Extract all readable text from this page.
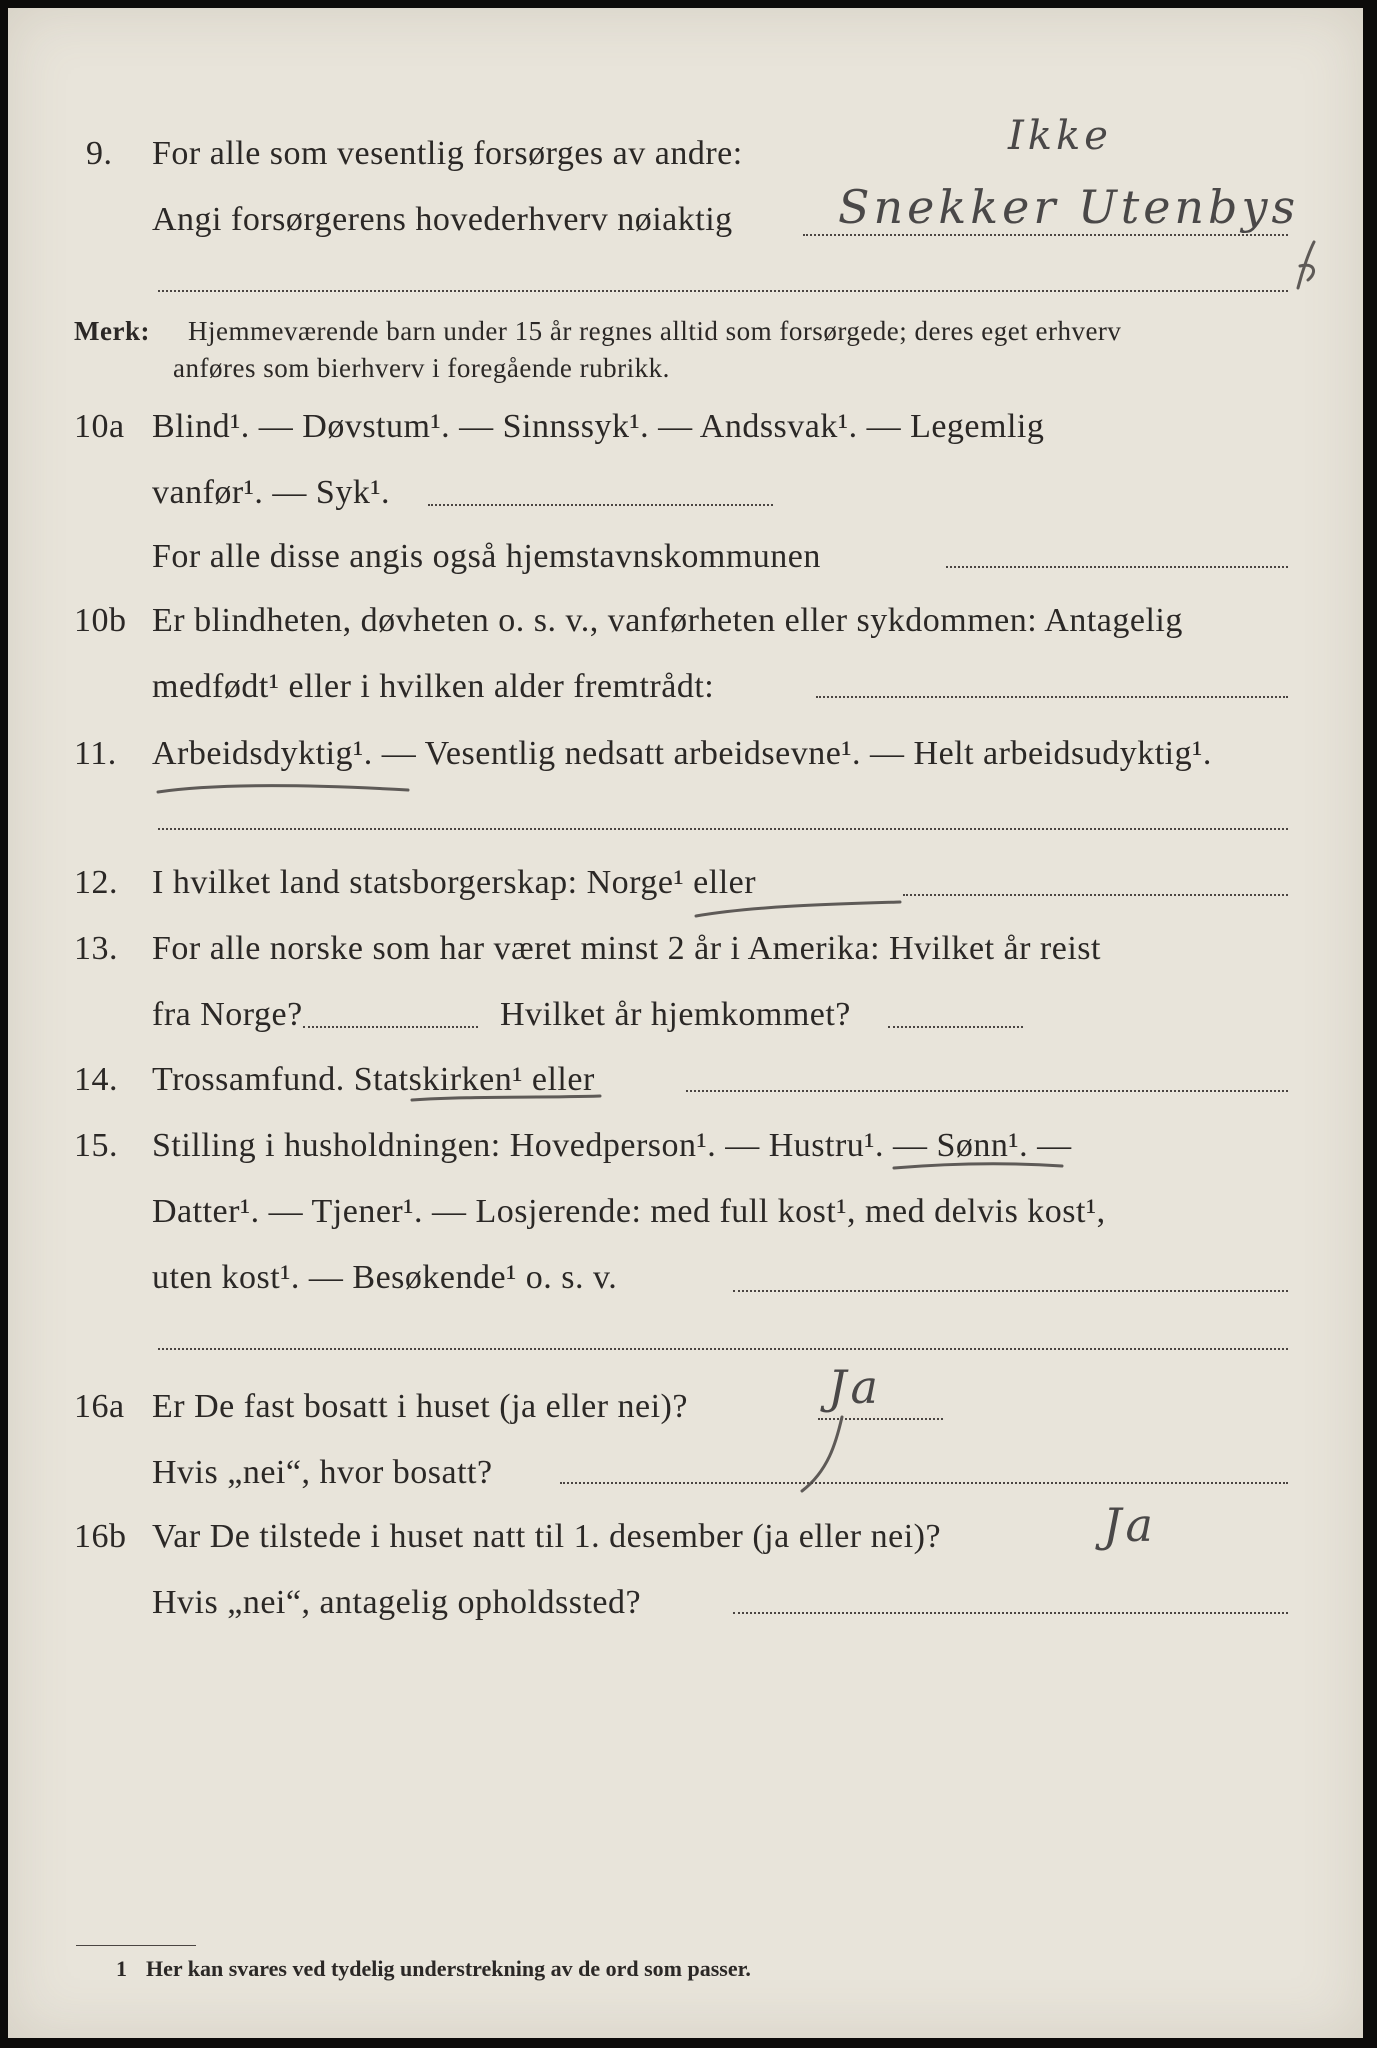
9. For alle som vesentlig forsørges av andre:	Ikke
Angi forsørgerens hovederhverv nøiaktig Snekker Utenbys
Merk: Hjemmeværende barn under 15 år regnes alltid som forsørgede; deres eget erhverv
anføres som bierhverv i foregående rubrikk.
10a Blind¹. — Døvstum¹. — Sinnssyk¹. — Andssvak¹. — Legemlig
vanfør¹. — Syk¹.
For alle disse angis også hjemstavnskommunen
10b Er blindheten, døvheten o. s. v., vanførheten eller sykdommen: Antagelig
medfødt¹ eller i hvilken alder fremtrådt:
11. Arbeidsdyktig¹. — Vesentlig nedsatt arbeidsevne¹. — Helt arbeidsudyktig¹.
12. I hvilket land statsborgerskap: Norge¹ eller
13. For alle norske som har været minst 2 år i Amerika: Hvilket år reist
fra Norge?	Hvilket år hjemkommet?
14. Trossamfund. Statskirken¹ eller
15. Stilling i husholdningen: Hovedperson¹. — Hustru¹. — Sønn¹. —
Datter¹. — Tjener¹. — Losjerende: med full kost¹, med delvis kost¹,
uten kost¹. — Besøkende¹ o. s. v.
16a Er De fast bosatt i huset (ja eller nei)?	Ja
Hvis „nei“, hvor bosatt?
16b Var De tilstede i huset natt til 1. desember (ja eller nei)?	Ja
Hvis „nei“, antagelig opholdssted?
1 Her kan svares ved tydelig understrekning av de ord som passer.
